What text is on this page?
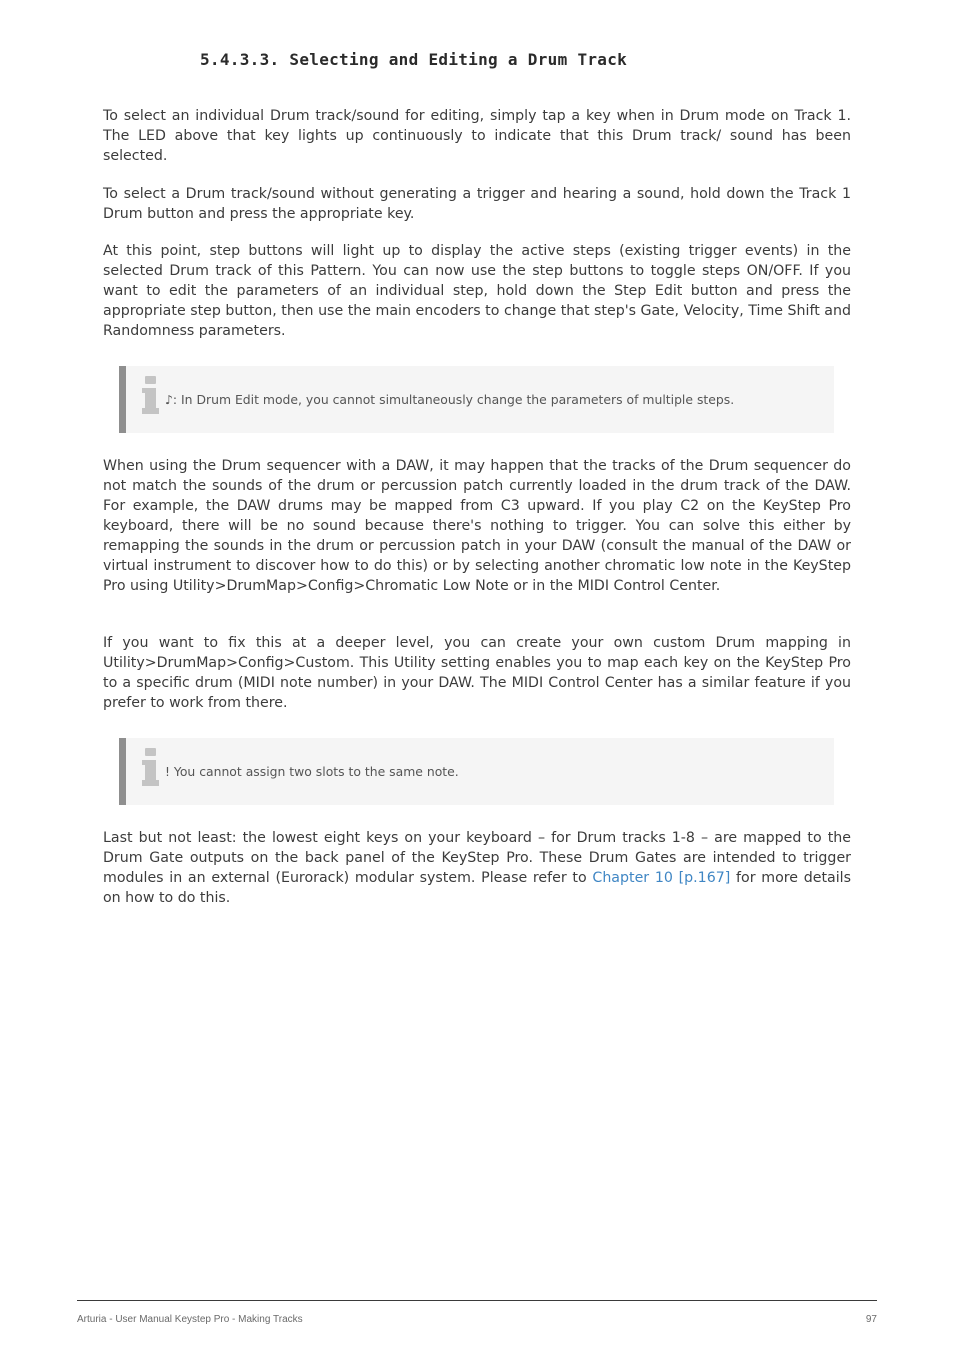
5.4.3.3. Selecting and Editing a Drum Track

To select an individual Drum track/sound for editing, simply tap a key when in Drum mode on Track 1. The LED above that key lights up continuously to indicate that this Drum track/ sound has been selected.

To select a Drum track/sound without generating a trigger and hearing a sound, hold down the Track 1 Drum button and press the appropriate key.

At this point, step buttons will light up to display the active steps (existing trigger events) in the selected Drum track of this Pattern. You can now use the step buttons to toggle steps ON/OFF. If you want to edit the parameters of an individual step, hold down the Step Edit button and press the appropriate step button, then use the main encoders to change that step's Gate, Velocity, Time Shift and Randomness parameters.

♪: In Drum Edit mode, you cannot simultaneously change the parameters of multiple steps.

When using the Drum sequencer with a DAW, it may happen that the tracks of the Drum sequencer do not match the sounds of the drum or percussion patch currently loaded in the drum track of the DAW. For example, the DAW drums may be mapped from C3 upward. If you play C2 on the KeyStep Pro keyboard, there will be no sound because there's nothing to trigger. You can solve this either by remapping the sounds in the drum or percussion patch in your DAW (consult the manual of the DAW or virtual instrument to discover how to do this) or by selecting another chromatic low note in the KeyStep Pro using Utility>DrumMap>Config>Chromatic Low Note or in the MIDI Control Center.

If you want to fix this at a deeper level, you can create your own custom Drum mapping in Utility>DrumMap>Config>Custom. This Utility setting enables you to map each key on the KeyStep Pro to a specific drum (MIDI note number) in your DAW. The MIDI Control Center has a similar feature if you prefer to work from there.

! You cannot assign two slots to the same note.

Last but not least: the lowest eight keys on your keyboard – for Drum tracks 1-8 – are mapped to the Drum Gate outputs on the back panel of the KeyStep Pro. These Drum Gates are intended to trigger modules in an external (Eurorack) modular system. Please refer to Chapter 10 [p.167] for more details on how to do this.

Arturia - User Manual Keystep Pro - Making Tracks	97
